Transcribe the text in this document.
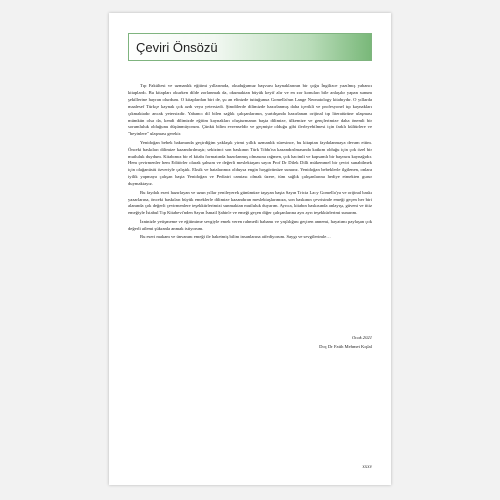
Çeviri Önsözü

Tıp Fakültesi ve uzmanlık eğitimi yıllarımda, okuduğumuz başvuru kaynaklarının bir çoğu İngilizce yazılmış yabancı kitaplardı. Bu kitapları okurken dilde zorlanmak da, okumaktan büyük keyif alır ve en zor konuları bile anlaşılır yapan sunum şekillerine hayran olurdum. O kitaplardan biri de, şu an elinizde tuttuğunuz Gomella'nın Lange Neonatology kitabıydır. O yıllarda maalesef Türkçe kaynak çok azdı veya yetersizdi. Şimdilerde dilimizde hazırlanmış daha içerikli ve profesyonel tıp kaynakları çıkmaktadır ancak yetersizdir. Yabancı dil bilen sağlık çalışanlarının, yurtdışında hazırlanan orijinal tıp literatürüne ulaşması mümkün olsa da, kendi dilimizde eğitim kaynakları oluşturmanın başta dilimize, ülkemize ve gençlerimize daha önemli bir sorumluluk olduğunu düşünmüyorum. Çünkü bilim evrenseldir ve geçmişte olduğu gibi ilerleyebilmesi için farklı kültürlere ve "beyinlere" ulaşması gerekir.

Yenidoğan bebek bakımında geçirdiğim yaklaşık yirmi yıllık uzmanlık süresince, bu kitaptan faydalanmaya devam ettim. Önceki baskıları dilimize kazandırılmıştı; sekizinci son baskının Türk Tıbbı'na kazandırılmasında katkım olduğu için çok özel bir mutluluk duydum. Kitabımız bir el kitabı formatında hazırlanmış olmasına rağmen, çok hacimli ve kapsamlı bir başvuru kaynağıdır. Hem çevirmenler hem Editörler olarak şahsım ve değerli meslektaşım sayın Prof Dr Dilek Dilli mükemmel bir çeviri sunabilmek için olağanüstü özveriyle çalıştık. Eksik ve hatalarımız olduysa engin hoşgörünüze sunarız. Yenidoğan bebeklerle ilgilenen, onlara iyilik yapmaya çalışan başta Yenidoğan ve Pediatri camiası olmak üzere, tüm sağlık çalışanlarına hediye etmekten gurur duymaktayız.

Bu faydalı eseri hazırlayan ve uzun yıllar yenileyerek günümüze taşıyan başta Sayın Tricia Lacy Gomella'ya ve orijinal baskı yazarlarına, önceki baskıları büyük emeklerle dilimize kazandıran meslektaşlarımıza, son baskının çevrisinde emeği geçen her biri alanında çok değerli çevirmenlere teşekkürlerimizi sunmaktan mutluluk duyarım. Ayrıca, kitabın baskısında anlayışı, güveni ve titiz emeğiyle İstabul Tıp Kitabevi'nden Sayın İsmail Şahin'e ve emeği geçen diğer çalışanlarına ayrı ayrı teşekkürlerimi sunarım.

İzninizle yetişmeme ve eğitimime sevgiyle emek veren rahmetli babamı ve yaşlılığını geçiren annemi, hayatımı paylaşan çok değerli ailemi şükranla anmak istiyorum.

Bu eseri makam ve ünvanını emeği ile haketmiş bilim insanlarına atfediyorum. Saygı ve sevgilerimle…

Ocak 2021
Doç Dr Fatih Mehmet Kışlal
xxxv
